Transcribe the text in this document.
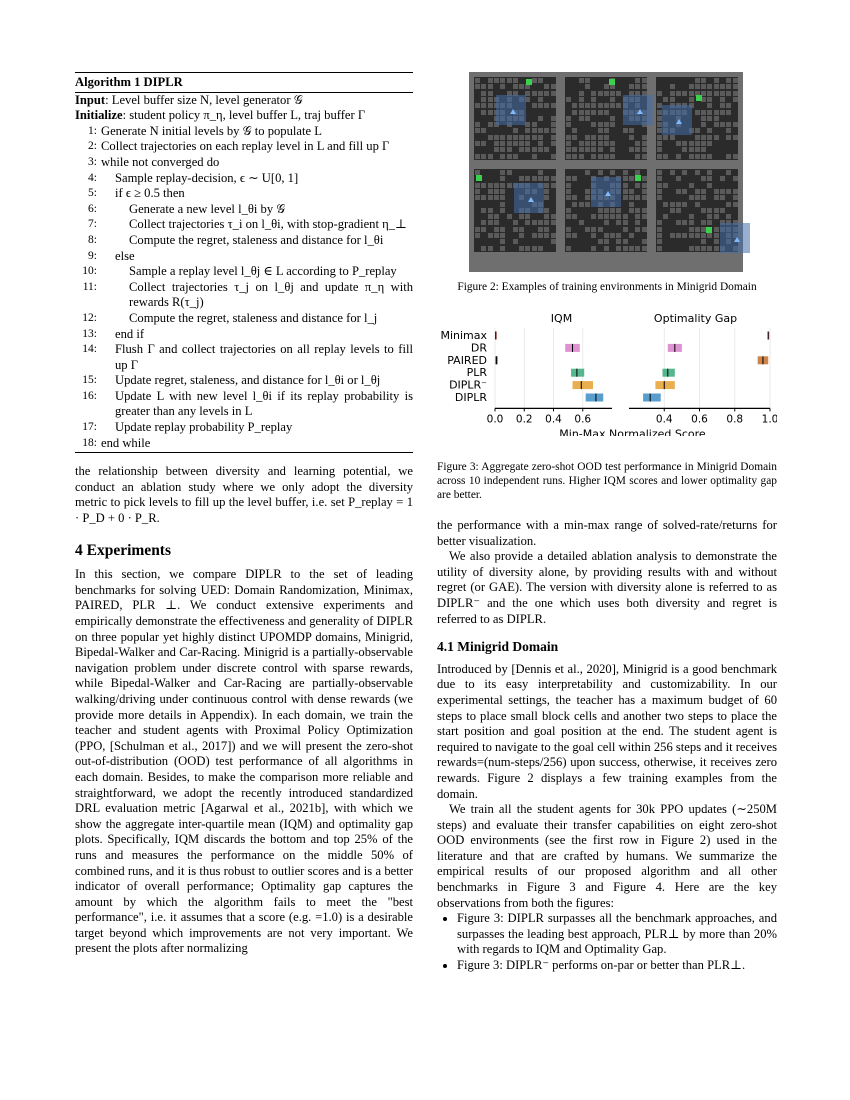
Algorithm 1 DIPLR
Input: Level buffer size N, level generator 𝒢
Initialize: student policy π_η, level buffer L, traj buffer Γ
1: Generate N initial levels by 𝒢 to populate L
2: Collect trajectories on each replay level in L and fill up Γ
3: while not converged do
4:	Sample replay-decision, ϵ ∼ U[0, 1]
5:	if ϵ ≥ 0.5 then
6:	Generate a new level l_θi by 𝒢
7:	Collect trajectories τ_i on l_θi, with stop-gradient η_⊥
8:	Compute the regret, staleness and distance for l_θi
9:	else
10:	Sample a replay level l_θj ∈ L according to P_replay
11:	Collect trajectories τ_j on l_θj and update π_η with rewards R(τ_j)
12:	Compute the regret, staleness and distance for l_j
13:	end if
14:	Flush Γ and collect trajectories on all replay levels to fill up Γ
15:	Update regret, staleness, and distance for l_θi or l_θj
16:	Update L with new level l_θi if its replay probability is greater than any levels in L
17:	Update replay probability P_replay
18: end while

the relationship between diversity and learning potential, we conduct an ablation study where we only adopt the diversity metric to pick levels to fill up the level buffer, i.e. set P_replay = 1 · P_D + 0 · P_R.

4 Experiments

In this section, we compare DIPLR to the set of leading benchmarks for solving UED: Domain Randomization, Minimax, PAIRED, PLR ⊥. We conduct extensive experiments and empirically demonstrate the effectiveness and generality of DIPLR on three popular yet highly distinct UPOMDP domains, Minigrid, Bipedal-Walker and Car-Racing. Minigrid is a partially-observable navigation problem under discrete control with sparse rewards, while Bipedal-Walker and Car-Racing are partially-observable walking/driving under continuous control with dense rewards (we provide more details in Appendix). In each domain, we train the teacher and student agents with Proximal Policy Optimization (PPO, [Schulman et al., 2017]) and we will present the zero-shot out-of-distribution (OOD) test performance of all algorithms in each domain. Besides, to make the comparison more reliable and straightforward, we adopt the recently introduced standardized DRL evaluation metric [Agarwal et al., 2021b], with which we show the aggregate inter-quartile mean (IQM) and optimality gap plots. Specifically, IQM discards the bottom and top 25% of the runs and measures the performance on the middle 50% of combined runs, and it is thus robust to outlier scores and is a better indicator of overall performance; Optimality gap captures the amount by which the algorithm fails to meet the "best performance", i.e. it assumes that a score (e.g. =1.0) is a desirable target beyond which improvements are not very important. We present the plots after normalizing

Figure 2: Examples of training environments in Minigrid Domain
Minimax
DR
PAIRED
PLR
DIPLR⁻
DIPLR
IQM
0.0 0.2 0.4 0.6
Optimality Gap
0.4 0.6 0.8 1.0
Min-Max Normalized Score
Figure 3: Aggregate zero-shot OOD test performance in Minigrid Domain across 10 independent runs. Higher IQM scores and lower optimality gap are better.

the performance with a min-max range of solved-rate/returns for better visualization.

We also provide a detailed ablation analysis to demonstrate the utility of diversity alone, by providing results with and without regret (or GAE). The version with diversity alone is referred to as DIPLR⁻ and the one which uses both diversity and regret is referred to as DIPLR.

4.1 Minigrid Domain

Introduced by [Dennis et al., 2020], Minigrid is a good benchmark due to its easy interpretability and customizability. In our experimental settings, the teacher has a maximum budget of 60 steps to place small block cells and another two steps to place the start position and goal position at the end. The student agent is required to navigate to the goal cell within 256 steps and it receives rewards=(num-steps/256) upon success, otherwise, it receives zero rewards. Figure 2 displays a few training examples from the domain.

We train all the student agents for 30k PPO updates (∼250M steps) and evaluate their transfer capabilities on eight zero-shot OOD environments (see the first row in Figure 2) used in the literature and that are crafted by humans. We summarize the empirical results of our proposed algorithm and all other benchmarks in Figure 3 and Figure 4. Here are the key observations from both the figures:

• Figure 3: DIPLR surpasses all the benchmark approaches, and surpasses the leading best approach, PLR⊥ by more than 20% with regards to IQM and Optimality Gap.
• Figure 3: DIPLR⁻ performs on-par or better than PLR⊥.
